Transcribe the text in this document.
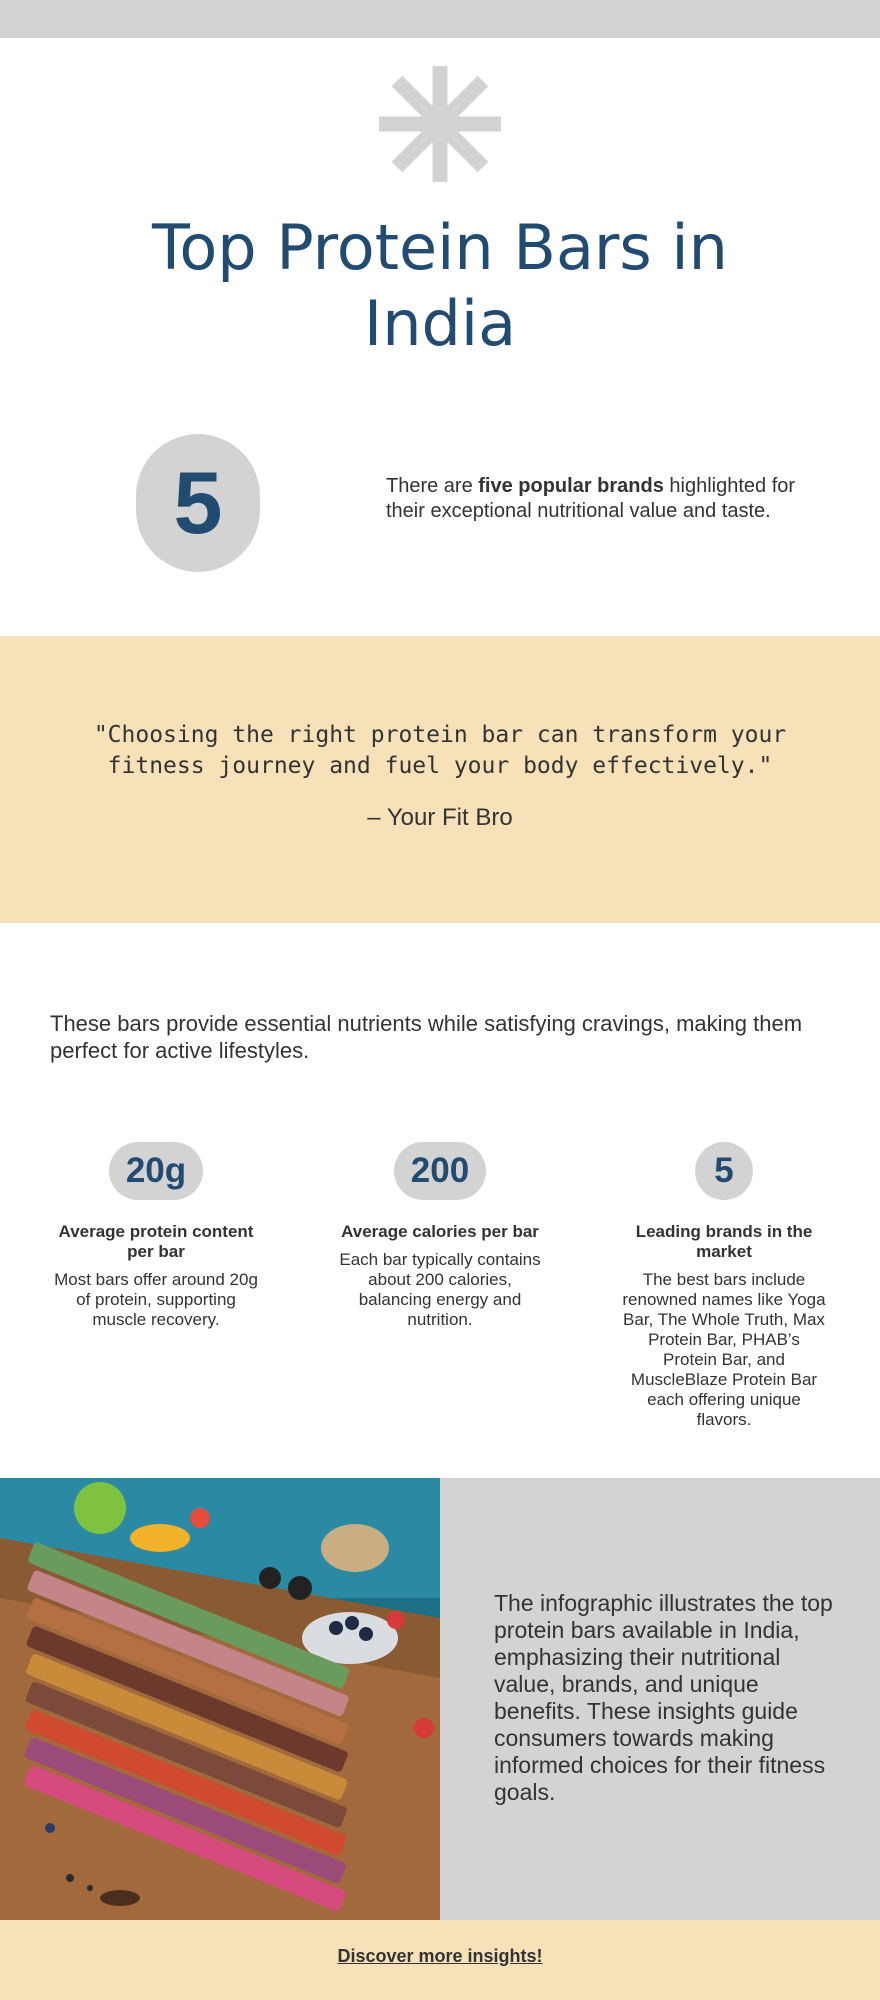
Top Protein Bars in India
5	There are five popular brands highlighted for their exceptional nutritional value and taste.

"Choosing the right protein bar can transform your fitness journey and fuel your body effectively."
– Your Fit Bro

These bars provide essential nutrients while satisfying cravings, making them perfect for active lifestyles.

20g
Average protein content per bar
Most bars offer around 20g of protein, supporting muscle recovery.
200
Average calories per bar
Each bar typically contains about 200 calories, balancing energy and nutrition.
5
Leading brands in the market
The best bars include renowned names like Yoga Bar, The Whole Truth, Max Protein Bar, PHAB’s Protein Bar, and MuscleBlaze Protein Bar each offering unique flavors.

The infographic illustrates the top protein bars available in India, emphasizing their nutritional value, brands, and unique benefits. These insights guide consumers towards making informed choices for their fitness goals.

Discover more insights!
